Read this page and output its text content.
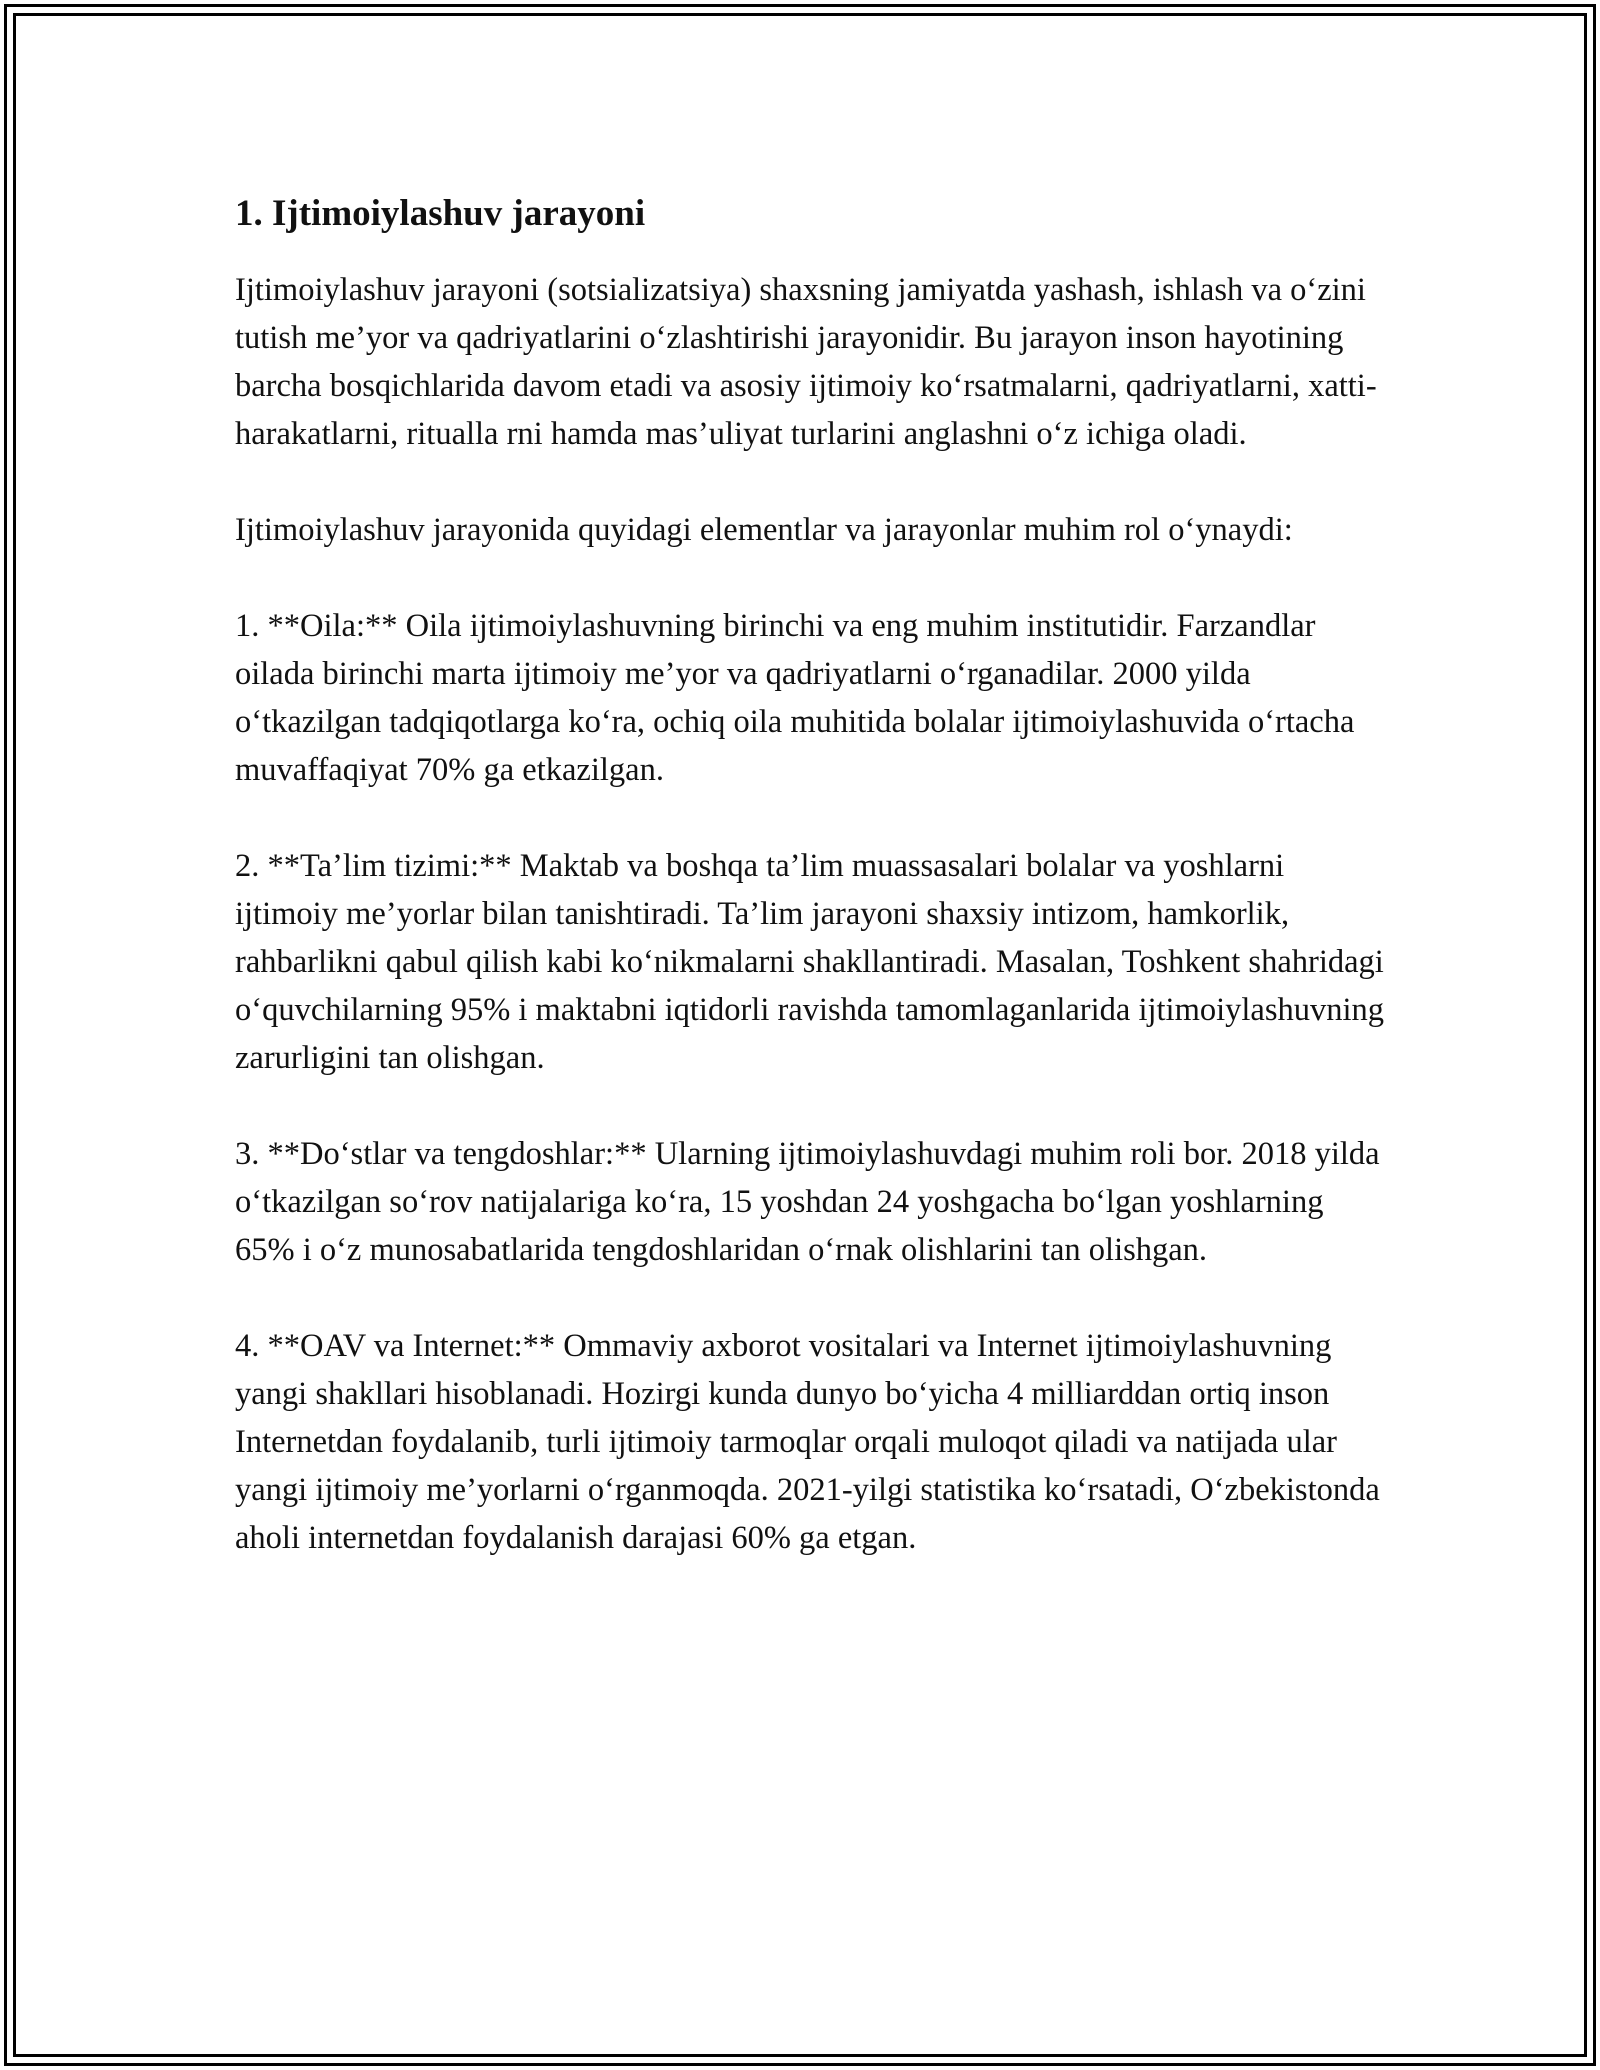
1. Ijtimoiylashuv jarayoni

Ijtimoiylashuv jarayoni (sotsializatsiya) shaxsning jamiyatda yashash, ishlash va o‘zini tutish me’yor va qadriyatlarini o‘zlashtirishi jarayonidir. Bu jarayon inson hayotining barcha bosqichlarida davom etadi va asosiy ijtimoiy ko‘rsatmalarni, qadriyatlarni, xatti-harakatlarni, ritualla rni hamda mas’uliyat turlarini anglashni o‘z ichiga oladi.

Ijtimoiylashuv jarayonida quyidagi elementlar va jarayonlar muhim rol o‘ynaydi:

1. **Oila:** Oila ijtimoiylashuvning birinchi va eng muhim institutidir. Farzandlar oilada birinchi marta ijtimoiy me’yor va qadriyatlarni o‘rganadilar. 2000 yilda o‘tkazilgan tadqiqotlarga ko‘ra, ochiq oila muhitida bolalar ijtimoiylashuvida o‘rtacha muvaffaqiyat 70% ga etkazilgan.

2. **Ta’lim tizimi:** Maktab va boshqa ta’lim muassasalari bolalar va yoshlarni ijtimoiy me’yorlar bilan tanishtiradi. Ta’lim jarayoni shaxsiy intizom, hamkorlik, rahbarlikni qabul qilish kabi ko‘nikmalarni shakllantiradi. Masalan, Toshkent shahridagi o‘quvchilarning 95% i maktabni iqtidorli ravishda tamomlaganlarida ijtimoiylashuvning zarurligini tan olishgan.

3. **Do‘stlar va tengdoshlar:** Ularning ijtimoiylashuvdagi muhim roli bor. 2018 yilda o‘tkazilgan so‘rov natijalariga ko‘ra, 15 yoshdan 24 yoshgacha bo‘lgan yoshlarning 65% i o‘z munosabatlarida tengdoshlaridan o‘rnak olishlarini tan olishgan.

4. **OAV va Internet:** Ommaviy axborot vositalari va Internet ijtimoiylashuvning yangi shakllari hisoblanadi. Hozirgi kunda dunyo bo‘yicha 4 milliarddan ortiq inson Internetdan foydalanib, turli ijtimoiy tarmoqlar orqali muloqot qiladi va natijada ular yangi ijtimoiy me’yorlarni o‘rganmoqda. 2021-yilgi statistika ko‘rsatadi, O‘zbekistonda aholi internetdan foydalanish darajasi 60% ga etgan.
